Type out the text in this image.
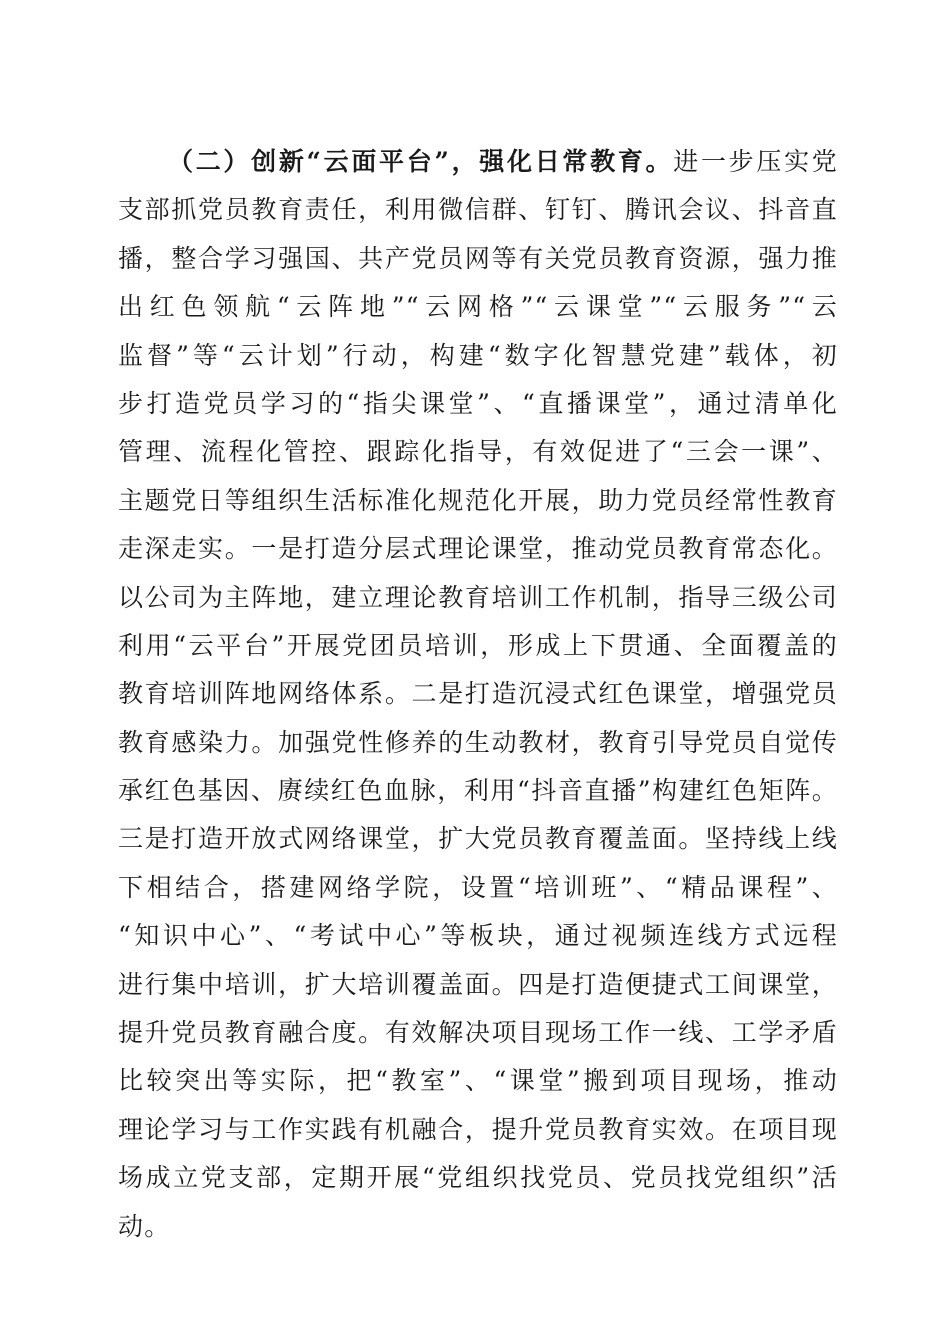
（二）创新“云面平台”，强化日常教育。进一步压实党
支部抓党员教育责任，利用微信群、钉钉、腾讯会议、抖音直
播，整合学习强国、共产党员网等有关党员教育资源，强力推
出红色领航“云阵地”“云网格”“云课堂”“云服务”“云
监督”等“云计划”行动，构建“数字化智慧党建”载体，初
步打造党员学习的“指尖课堂”、“直播课堂”，通过清单化
管理、流程化管控、跟踪化指导，有效促进了“三会一课”、
主题党日等组织生活标准化规范化开展，助力党员经常性教育
走深走实。一是打造分层式理论课堂，推动党员教育常态化。
以公司为主阵地，建立理论教育培训工作机制，指导三级公司
利用“云平台”开展党团员培训，形成上下贯通、全面覆盖的
教育培训阵地网络体系。二是打造沉浸式红色课堂，增强党员
教育感染力。加强党性修养的生动教材，教育引导党员自觉传
承红色基因、赓续红色血脉，利用“抖音直播”构建红色矩阵。
三是打造开放式网络课堂，扩大党员教育覆盖面。坚持线上线
下相结合，搭建网络学院，设置“培训班”、“精品课程”、
“知识中心”、“考试中心”等板块，通过视频连线方式远程
进行集中培训，扩大培训覆盖面。四是打造便捷式工间课堂，
提升党员教育融合度。有效解决项目现场工作一线、工学矛盾
比较突出等实际，把“教室”、“课堂”搬到项目现场，推动
理论学习与工作实践有机融合，提升党员教育实效。在项目现
场成立党支部，定期开展“党组织找党员、党员找党组织”活
动。
